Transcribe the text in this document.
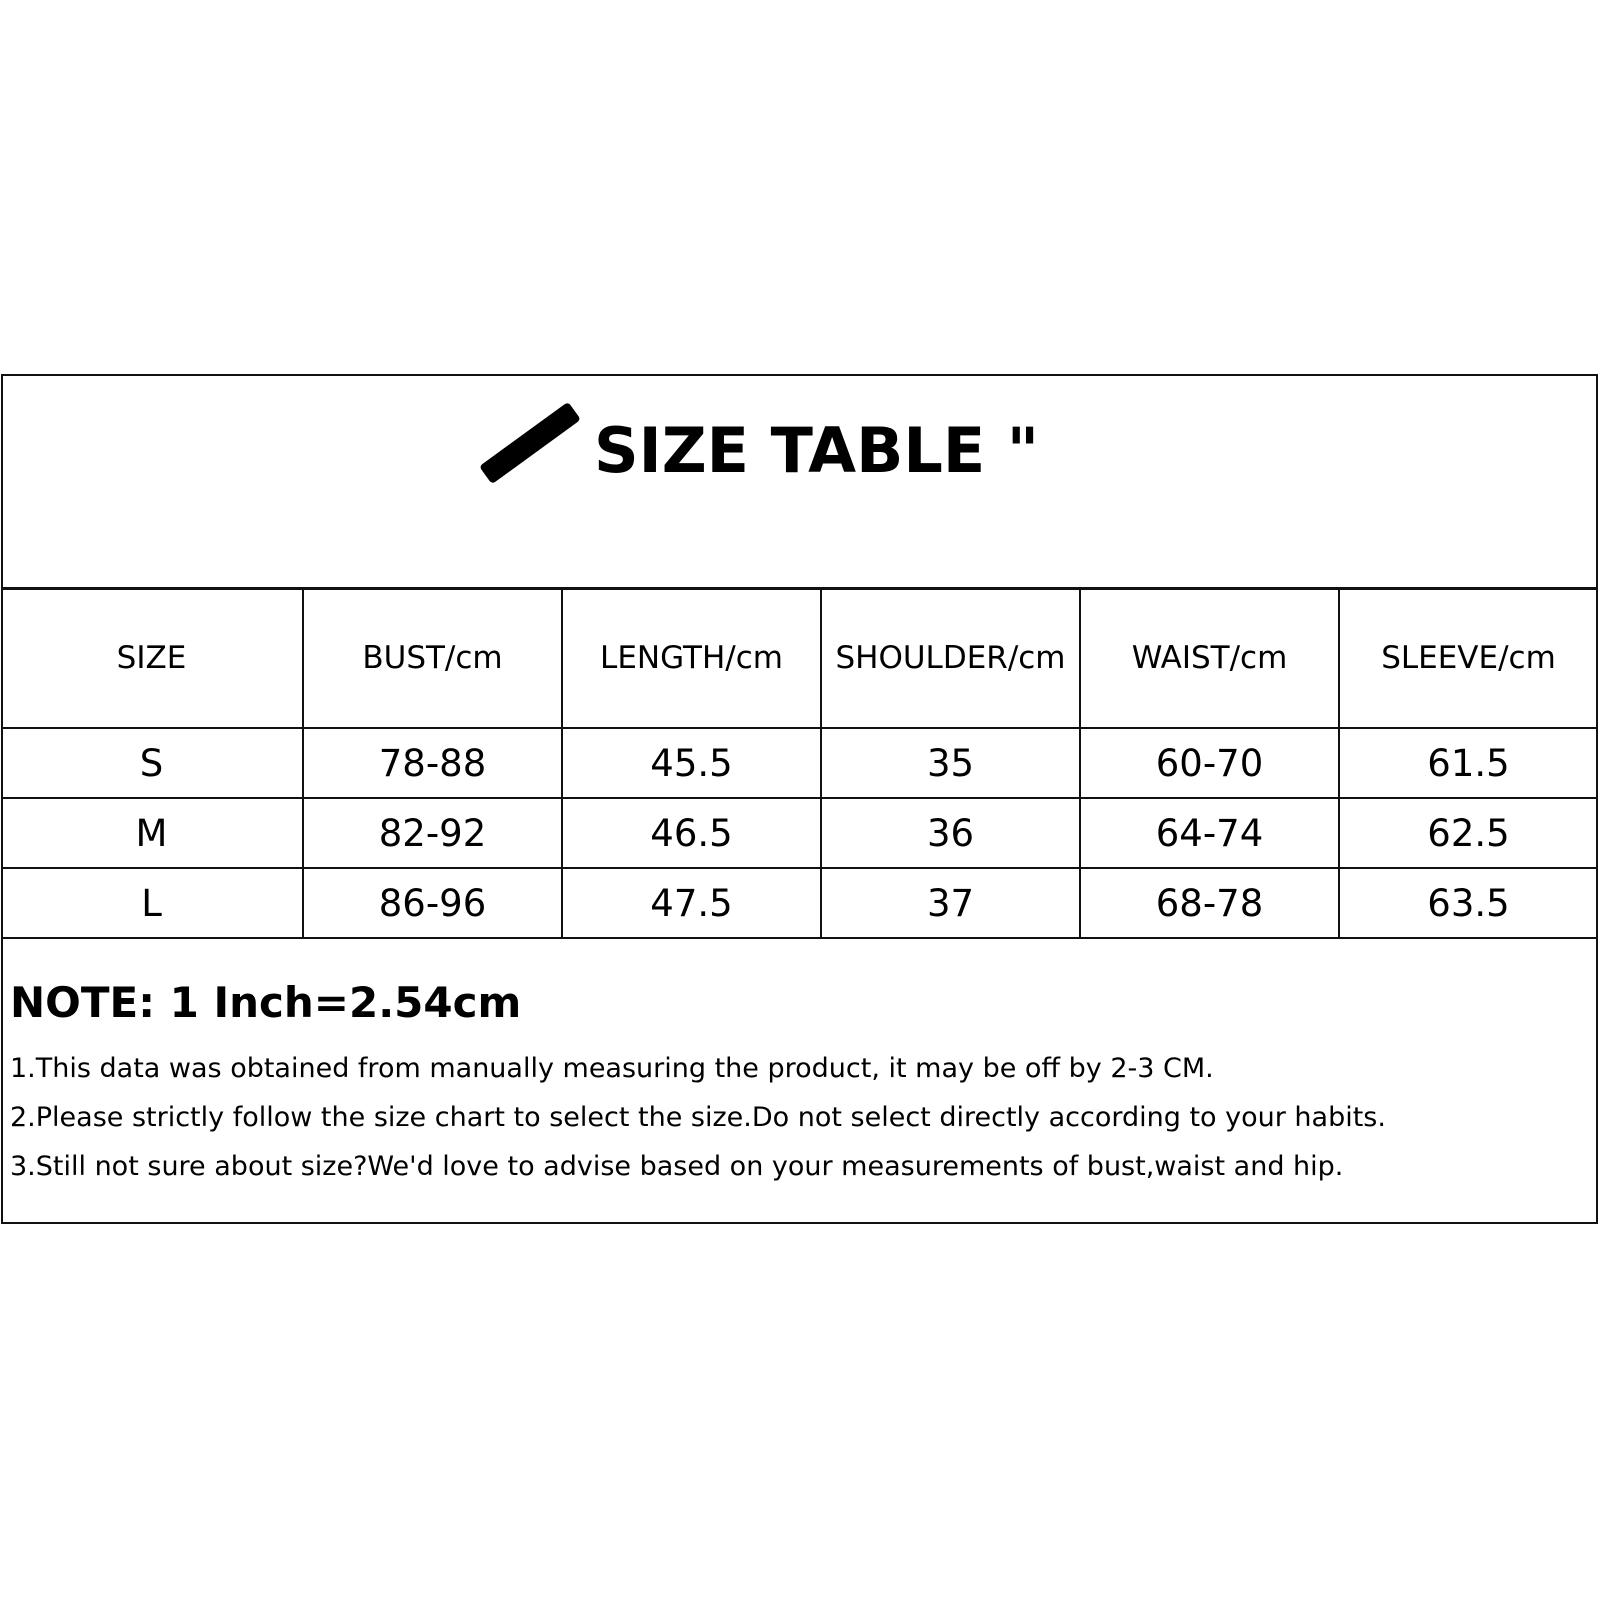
SIZE TABLE "
SIZE	BUST/cm	LENGTH/cm	SHOULDER/cm	WAIST/cm	SLEEVE/cm
S	78-88	45.5	35	60-70	61.5
M	82-92	46.5	36	64-74	62.5
L	86-96	47.5	37	68-78	63.5
NOTE: 1 Inch=2.54cm

1.This data was obtained from manually measuring the product, it may be off by 2-3 CM.

2.Please strictly follow the size chart to select the size.Do not select directly according to your habits.

3.Still not sure about size?We'd love to advise based on your measurements of bust,waist and hip.
